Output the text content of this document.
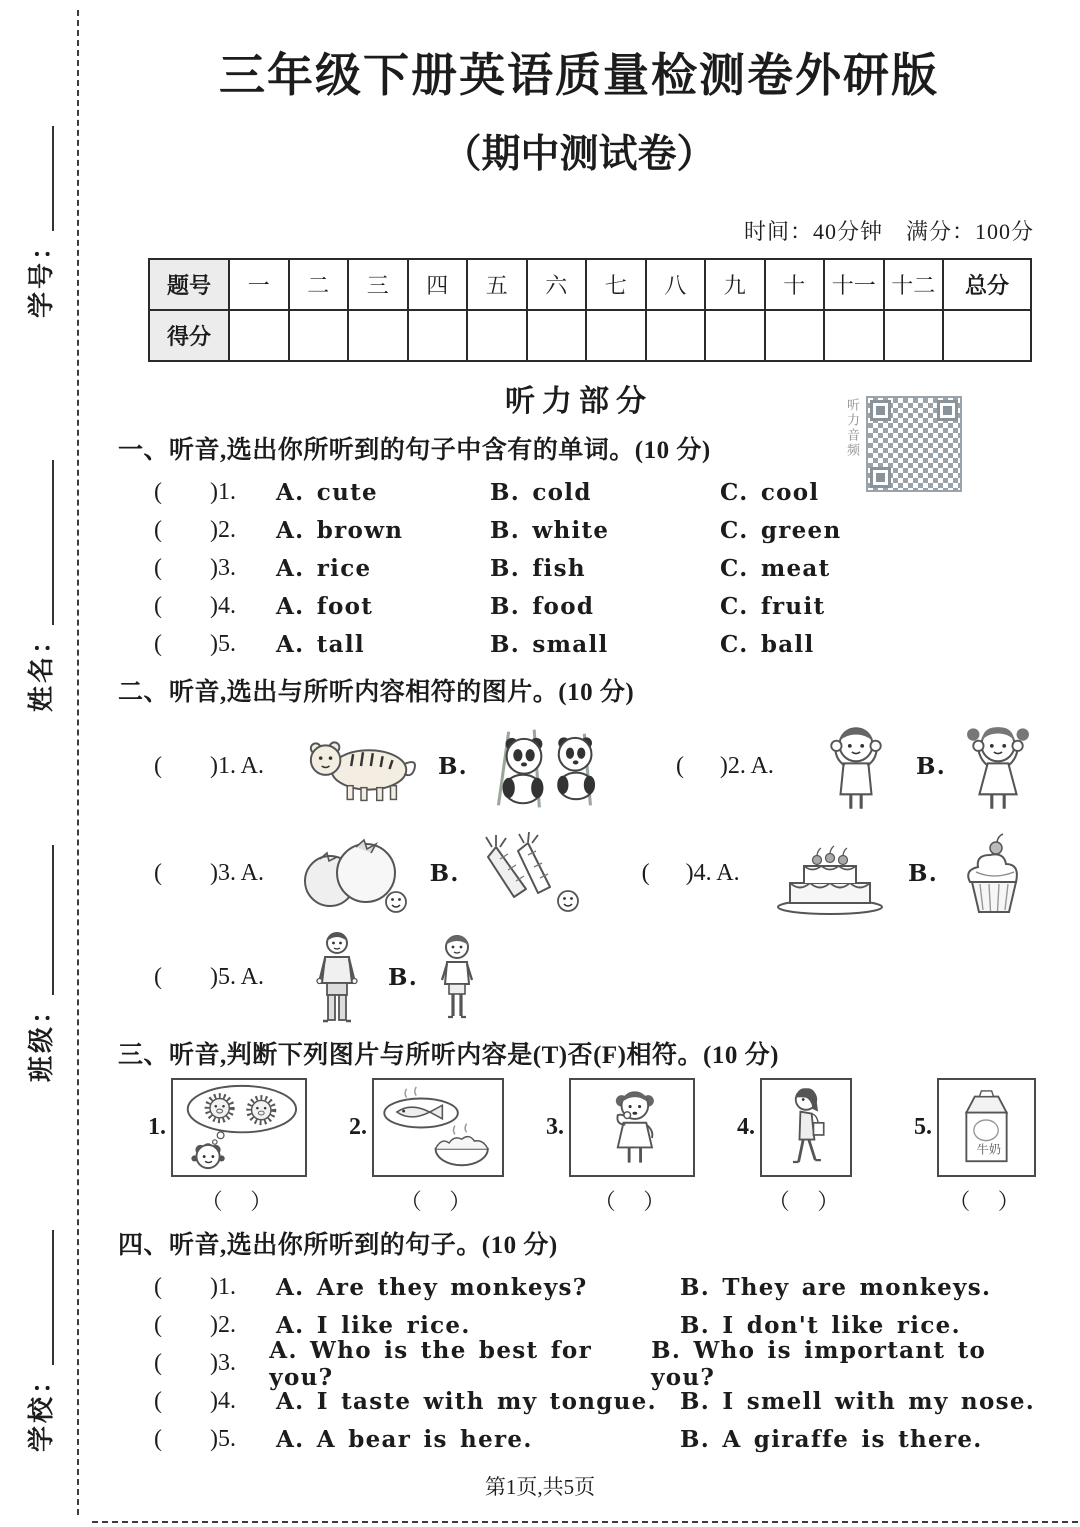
学号：
姓名：
班级：
学校：
三年级下册英语质量检测卷外研版
（期中测试卷）
时间：40分钟　满分：100分
题号	一	二	三	四	五	六	七	八	九	十	十一	十二	总分
得分													
听力部分
一、听音,选出你所听到的句子中含有的单词。(10 分)
(        )1.	A. cute	B. cold	C. cool
(        )2.	A. brown	B. white	C. green
(        )3.	A. rice	B. fish	C. meat
(        )4.	A. foot	B. food	C. fruit
(        )5.	A. tall	B. small	C. ball
二、听音,选出与所听内容相符的图片。(10 分)
(        )1. A.	B.	(      )2. A.	B.
(        )3. A.	B.	(      )4. A.	B.
(        )5. A.	B.
三、听音,判断下列图片与所听内容是(T)否(F)相符。(10 分)
1.
（     ）
2.
（     ）
3.
（     ）
4.
（     ）
5.
牛奶
（     ）
四、听音,选出你所听到的句子。(10 分)
(        )1.	A. Are they monkeys?	B. They are monkeys.
(        )2.	A. I like rice.	B. I don't like rice.
(        )3.	A. Who is the best for you?
B. Who is important to you?
(        )4.	A. I taste with my tongue.	B. I smell with my nose.
(        )5.	A. A bear is here.	B. A giraffe is there.
听力音频
第1页,共5页
